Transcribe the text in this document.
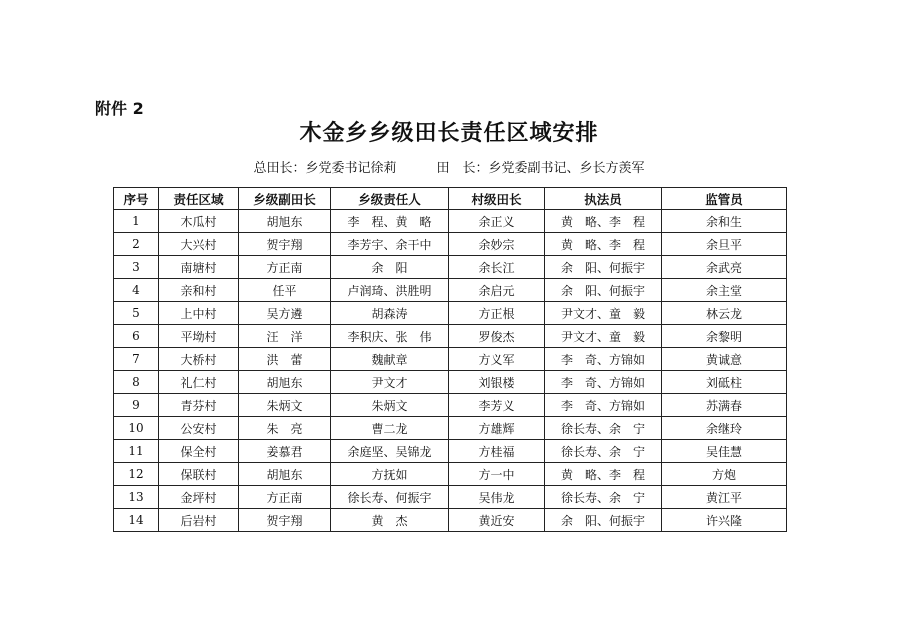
附件 2
木金乡乡级田长责任区域安排
总田长：乡党委书记徐莉	田　长：乡党委副书记、乡长方羡军
序号	责任区域	乡级副田长	乡级责任人	村级田长	执法员	监管员
1	木瓜村	胡旭东	李　程、黄　略	余正义	黄　略、李　程	余和生
2	大兴村	贺宇翔	李芳宇、余干中	余妙宗	黄　略、李　程	余旦平
3	南塘村	方正南	余　阳	余长江	余　阳、何振宇	余武亮
4	亲和村	任平	卢润琦、洪胜明	余启元	余　阳、何振宇	余主堂
5	上中村	吴方遴	胡森涛	方正根	尹文才、童　毅	林云龙
6	平坳村	汪　洋	李积庆、张　伟	罗俊杰	尹文才、童　毅	余黎明
7	大桥村	洪　蕾	魏献章	方义军	李　奇、方锦如	黄诚意
8	礼仁村	胡旭东	尹文才	刘银楼	李　奇、方锦如	刘砥柱
9	青芬村	朱炳文	朱炳文	李芳义	李　奇、方锦如	苏满春
10	公安村	朱　亮	曹二龙	方雄辉	徐长寿、余　宁	余继玲
11	保全村	姜慕君	余庭坚、吴锦龙	方桂福	徐长寿、余　宁	吴佳慧
12	保联村	胡旭东	方抚如	方一中	黄　略、李　程	方炮
13	金坪村	方正南	徐长寿、何振宇	吴伟龙	徐长寿、余　宁	黄江平
14	后岩村	贺宇翔	黄　杰	黄近安	余　阳、何振宇	许兴隆
